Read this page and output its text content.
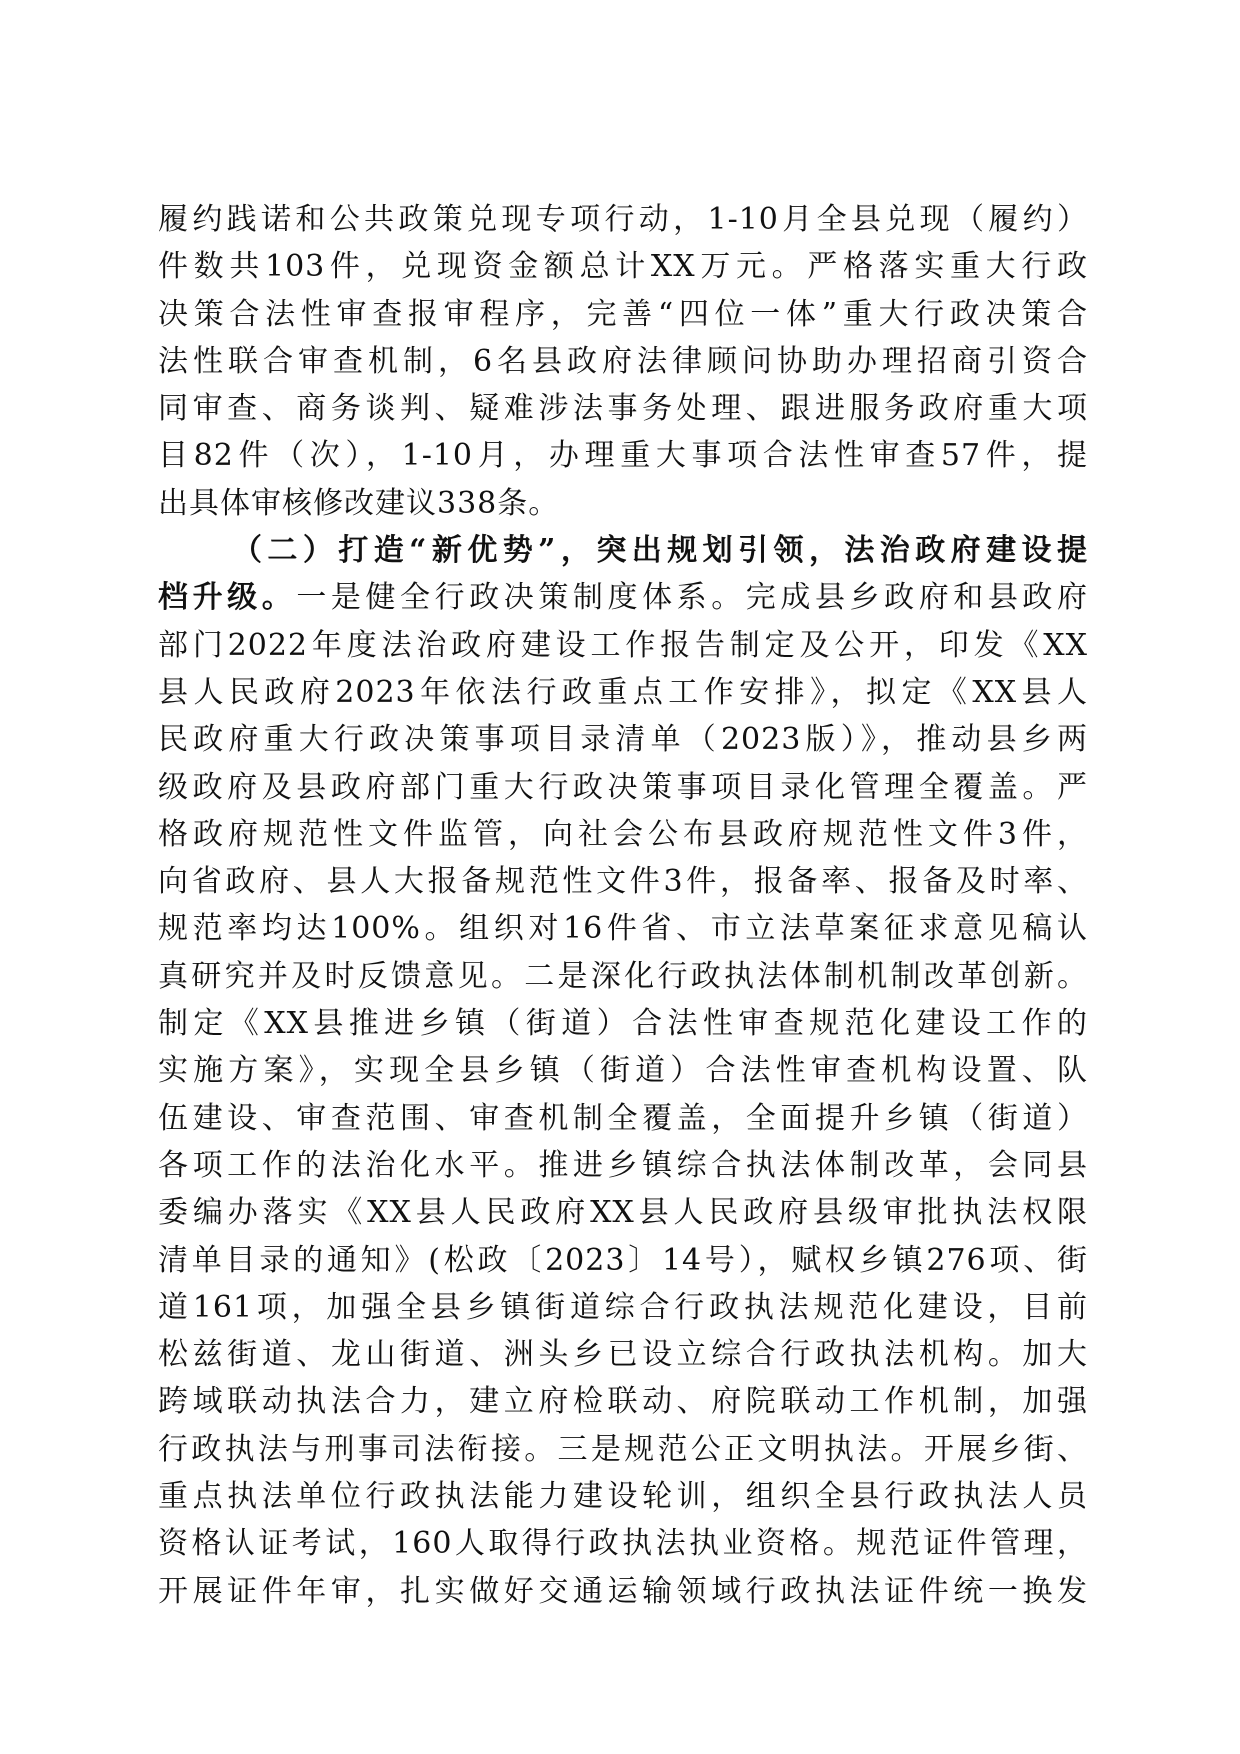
履约践诺和公共政策兑现专项行动，1-10月全县兑现（履约）
件数共103件，兑现资金额总计XX万元。严格落实重大行政
决策合法性审查报审程序，完善“四位一体”重大行政决策合
法性联合审查机制，6名县政府法律顾问协助办理招商引资合
同审查、商务谈判、疑难涉法事务处理、跟进服务政府重大项
目82件（次），1-10月，办理重大事项合法性审查57件，提
出具体审核修改建议338条。
（二）打造“新优势”，突出规划引领，法治政府建设提
档升级。一是健全行政决策制度体系。完成县乡政府和县政府
部门2022年度法治政府建设工作报告制定及公开，印发《XX
县人民政府2023年依法行政重点工作安排》，拟定《XX县人
民政府重大行政决策事项目录清单（2023版）》，推动县乡两
级政府及县政府部门重大行政决策事项目录化管理全覆盖。严
格政府规范性文件监管，向社会公布县政府规范性文件3件，
向省政府、县人大报备规范性文件3件，报备率、报备及时率、
规范率均达100%。组织对16件省、市立法草案征求意见稿认
真研究并及时反馈意见。二是深化行政执法体制机制改革创新。
制定《XX县推进乡镇（街道）合法性审查规范化建设工作的
实施方案》，实现全县乡镇（街道）合法性审查机构设置、队
伍建设、审查范围、审查机制全覆盖，全面提升乡镇（街道）
各项工作的法治化水平。推进乡镇综合执法体制改革，会同县
委编办落实《XX县人民政府XX县人民政府县级审批执法权限
清单目录的通知》(松政〔2023〕14号），赋权乡镇276项、街
道161项，加强全县乡镇街道综合行政执法规范化建设，目前
松兹街道、龙山街道、洲头乡已设立综合行政执法机构。加大
跨域联动执法合力，建立府检联动、府院联动工作机制，加强
行政执法与刑事司法衔接。三是规范公正文明执法。开展乡街、
重点执法单位行政执法能力建设轮训，组织全县行政执法人员
资格认证考试，160人取得行政执法执业资格。规范证件管理，
开展证件年审，扎实做好交通运输领域行政执法证件统一换发
